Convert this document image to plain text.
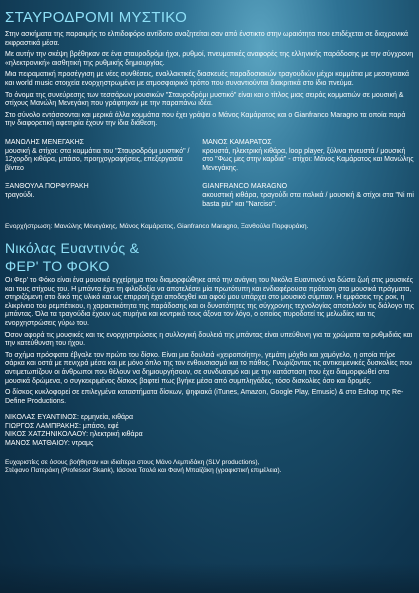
ΣΤΑΥΡΟΔΡΟΜΙ ΜΥΣΤΙΚΟ

Στην ασκήματα της παρακμής το ελπιδοφόρο αντίδοτο αναζητείται σαν από ένστικτο στην ωραιότητα που επιδέχεται σε διαχρονικά εκφραστικά μέσα.

Με αυτήν την σκέψη βρέθηκαν σε ένα σταυροδρόμι ήχοι, ρυθμοί, πνευματικές αναφορές της ελληνικής παράδοσης με την σύγχρονη «ηλεκτρονική» αισθητική της ρυθμικής δημιουργίας.

Μια πειραματική προσέγγιση με νέες συνθέσεις, εναλλακτικές διασκευές παραδοσιακών τραγουδιών μέχρι κομμάτια με μεσογειακά και world music στοιχεία ενορχηστρωμένα με ατμοσφαιρικό τρόπο που συναντιούνται διακριτικά στο ίδιο πνεύμα.

Το όνομα της συνεύρεσης των τεσσάρων μουσικών "Σταυροδρόμι μυστικό" είναι και ο τίτλος μιας σειράς κομματιών σε μουσική & στίχους Μανώλη Μενεγάκη που γράφτηκαν με την παραπάνω ιδέα.

Στο σύνολο εντάσσονται και μερικά άλλα κομμάτια που έχει γράψει ο Μάνος Καμάρατος και ο Gianfranco Maragno τα οποία παρά την διαφορετική αφετηρία έχουν την ίδια διάθεση.

ΜΑΝΩΛΗΣ ΜΕΝΕΓΑΚΗΣ
μουσική & στίχοι: στα κομμάτια του "Σταυροδρόμι μυστικό" / 12χορδη κιθάρα, μπάσο, προηχογραφήσεις, επεξεργασία βίντεο
ΞΑΝΘΟΥΛΑ ΠΟΡΦΥΡΑΚΗ
τραγούδι.
ΜΑΝΟΣ ΚΑΜΑΡΑΤΟΣ
κρουστά, ηλεκτρική κιθάρα, loop player, ξύλινα πνευστά / μουσική στο "Φως μες στην καρδιά" - στίχοι: Μάνος Καμάρατος και Μανώλης Μενεγάκης.
GIANFRANCO MARAGNO
ακουστική κιθάρα, τραγούδι στα ιταλικά / μουσική & στίχοι στα "Ni mi basta piu" και "Narciso".

Ενορχήστρωση: Μανώλης Μενεγάκης, Μάνος Καμάρατος, Gianfranco Maragno, Ξανθούλα Πορφυράκη.

Νικόλας Ευαντινός &
ΦΕΡ' ΤΟ ΦΟΚΟ

Οι Φερ' το Φόκο είναι ένα μουσικό εγχείρημα που διαμορφώθηκε από την ανάγκη του Νικόλα Ευαντινού να δώσει ζωή στις μουσικές και τους στίχους του. Η μπάντα έχει τη φιλοδοξία να αποτελέσει μία πρωτότυπη και ενδιαφέρουσα πρόταση στα μουσικά πράγματα, στηριζόμενη στο δικό της υλικό και ως επιρροή έχει αποδεχθεί και αφού μου υπάρχει στο μουσικό σύμπαν. Η εμφάσεις της ροκ, η ελικρίνειο του ρεμπέτικου, η χαρακτικότητα της παράδοσης και οι δυνατότητες της σύγχρονης τεχνολογίας αποτελούν τις διάλογο της μπάντας. Όλα τα τραγούδια έχουν ως πυρήνα και κεντρικό τους άξονα τον λόγο, ο οποίος πυροδοτεί τις μελωδίες και τις ενορχηστρώσεις γύρω του.

Όσον αφορά τις μουσικές και τις ενορχηστρώσεις η συλλογική δουλειά της μπάντας είναι υπεύθυνη για τα χρώματα τα ρυθμιδιάς και την κατεύθυνση του ήχου.

Το σχήμα πρόσφατα έβγαλε τον πρώτο του δίσκο. Είναι μια δουλειά «χειροποίητη», γεμάτη μόχθο και χαμόγελο, η οποία πήρε σάρκα και οστά με πενιχρά μέσα και με μόνο όπλο της τον ενθουσιασμό και το πάθος. Γνωρίζοντας τις αντικειμενικές δυσκολίες που αντιμετωπίζουν οι άνθρωποι που θέλουν να δημιουργήσουν, σε συνδυασμό και με την κατάσταση που έχει διαμορφωθεί στα μουσικά δρώμενα, ο συγκεκριμένος δίσκος βαφτεί πως βγήκε μέσα από συμπληγάδες, τόσο δισκολίες όσο και δρομές.

Ο δίσκος κυκλοφορεί σε επιλεγμένα καταστήματα δίσκων, ψηφιακά (iTunes, Amazon, Google Play, Emusic) & στο Eshop της Re-Define Productions.

ΝΙΚΟΛΑΣ ΕΥΑΝΤΙΝΟΣ: ερμηνεία, κιθάρα
ΓΙΩΡΓΟΣ ΛΑΜΠΡΑΚΗΣ: μπάσο, εφέ
ΝΙΚΟΣ ΧΑΤΖΗΝΙΚΟΛΑΟΥ: ηλεκτρική κιθάρα
ΜΑΝΟΣ ΜΑΤΘΑΙΟΥ: ντραμς
Ευχαριστίες σε όσους βοήθησαν και ιδιαίτερα στους Μάνο Λεμπιδάκη (SLV productions),
Στέφανο Πατεράκη (Professor Skank), Ιάσονα Τσολά και Φανή Μπαϊζάκη (γραφιστική επιμέλεια).
